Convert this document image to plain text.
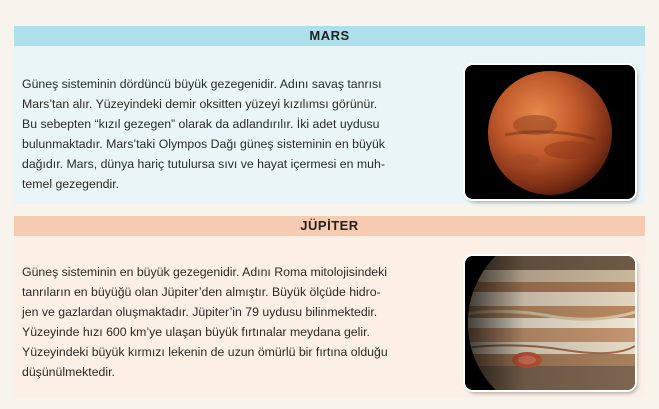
MARS
Güneş sisteminin dördüncü büyük gezegenidir. Adını savaş tanrısı
Mars’tan alır. Yüzeyindeki demir oksitten yüzeyi kızılımsı görünür.
Bu sebepten “kızıl gezegen” olarak da adlandırılır. İki adet uydusu
bulunmaktadır. Mars’taki Olympos Dağı güneş sisteminin en büyük
dağıdır. Mars, dünya hariç tutulursa sıvı ve hayat içermesi en muh-
temel gezegendir.
JÜPİTER
Güneş sisteminin en büyük gezegenidir. Adını Roma mitolojisindeki
tanrıların en büyüğü olan Jüpiter’den almıştır. Büyük ölçüde hidro-
jen ve gazlardan oluşmaktadır. Jüpiter’in 79 uydusu bilinmektedir.
Yüzeyinde hızı 600 km’ye ulaşan büyük fırtınalar meydana gelir.
Yüzeyindeki büyük kırmızı lekenin de uzun ömürlü bir fırtına olduğu
düşünülmektedir.
